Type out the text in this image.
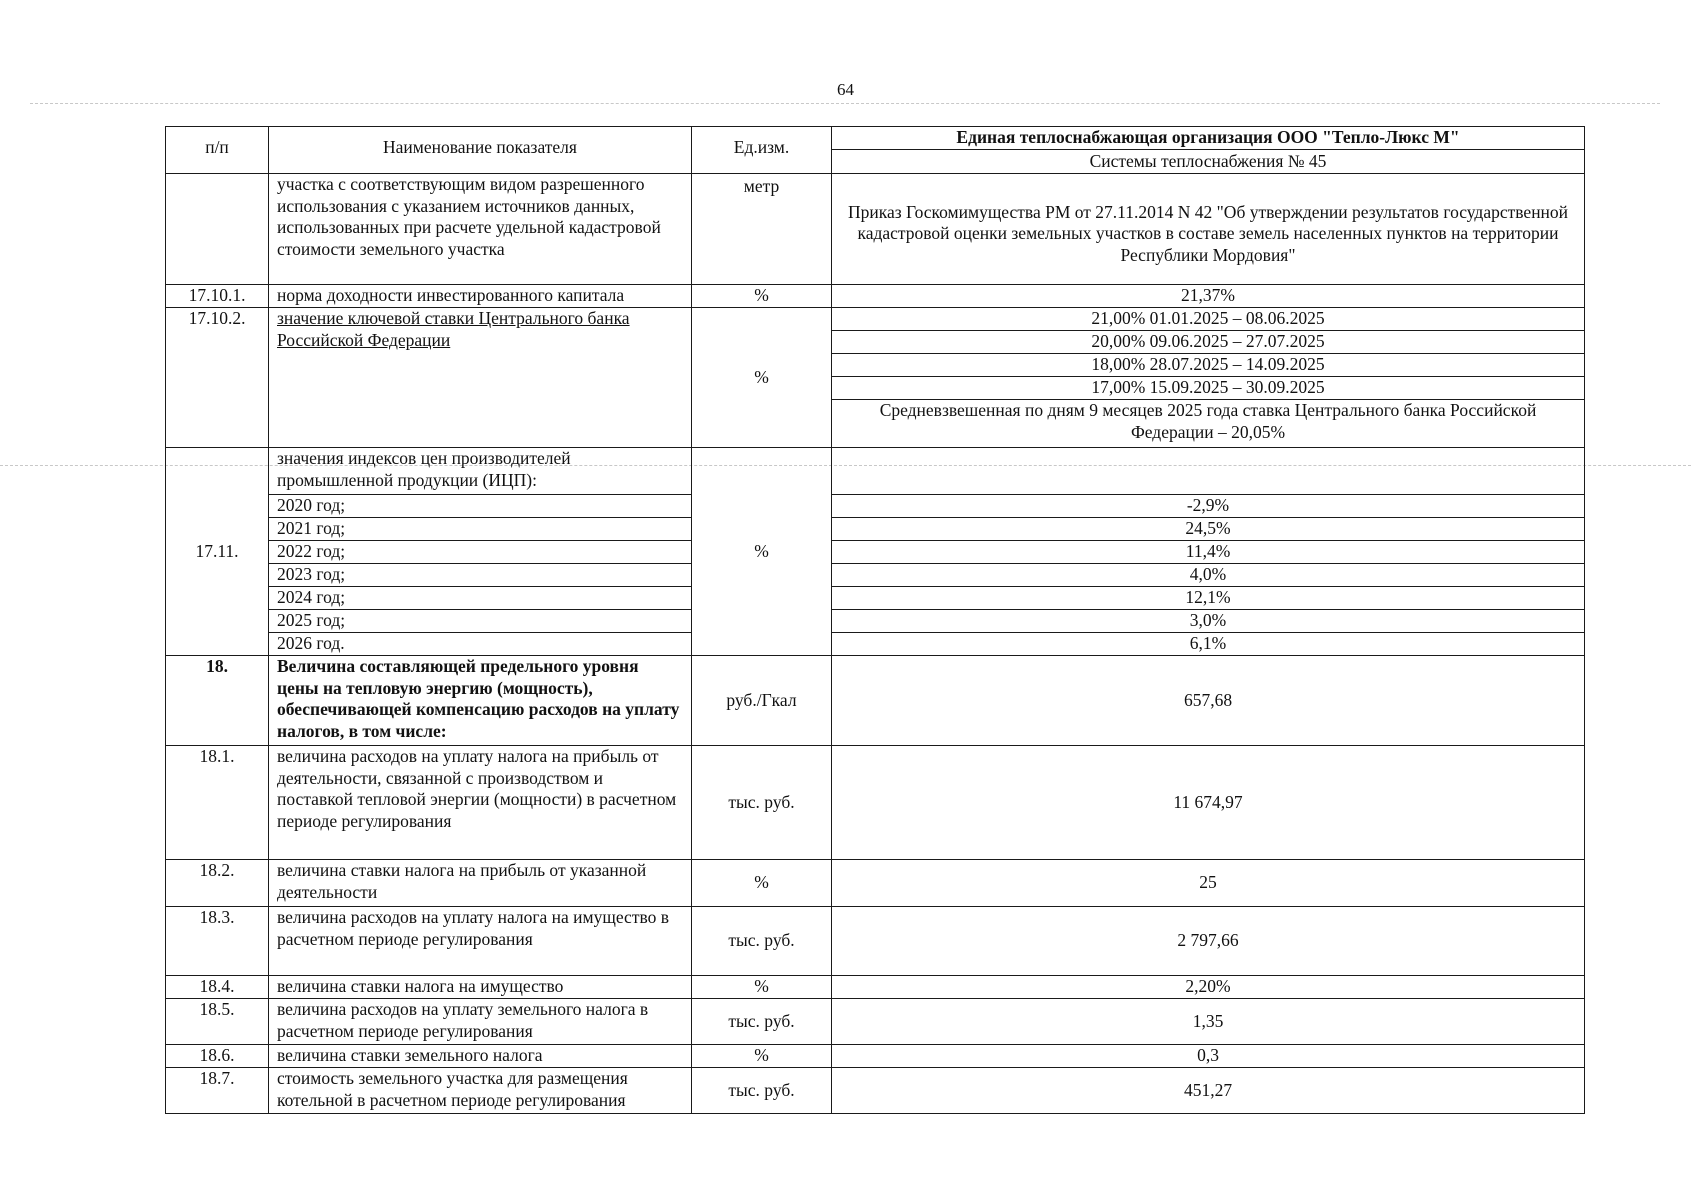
64
п/п	Наименование показателя	Ед.изм.	Единая теплоснабжающая организация ООО "Тепло-Люкс М"
			Системы теплоснабжения № 45
	участка с соответствующим видом разрешенного использования с указанием источников данных, использованных при расчете удельной кадастровой стоимости земельного участка	метр	Приказ Госкомимущества РМ от 27.11.2014 N 42 "Об утверждении результатов государственной кадастровой оценки земельных участков в составе земель населенных пунктов на территории Республики Мордовия"
17.10.1.	норма доходности инвестированного капитала	%	21,37%
17.10.2.	значение ключевой ставки Центрального банка Российской Федерации	%	21,00% 01.01.2025 – 08.06.2025
			20,00% 09.06.2025 – 27.07.2025
			18,00% 28.07.2025 – 14.09.2025
			17,00% 15.09.2025 – 30.09.2025
			Средневзвешенная по дням 9 месяцев 2025 года ставка Центрального банка Российской Федерации – 20,05%
17.11.	значения индексов цен производителей промышленной продукции (ИЦП):	%	
	2020 год;		-2,9%
	2021 год;		24,5%
	2022 год;		11,4%
	2023 год;		4,0%
	2024 год;		12,1%
	2025 год;		3,0%
	2026 год.		6,1%
18.	Величина составляющей предельного уровня цены на тепловую энергию (мощность), обеспечивающей компенсацию расходов на уплату налогов, в том числе:	руб./Гкал	657,68
18.1.	величина расходов на уплату налога на прибыль от деятельности, связанной с производством и поставкой тепловой энергии (мощности) в расчетном периоде регулирования	тыс. руб.	11 674,97
18.2.	величина ставки налога на прибыль от указанной деятельности	%	25
18.3.	величина расходов на уплату налога на имущество в расчетном периоде регулирования	тыс. руб.	2 797,66
18.4.	величина ставки налога на имущество	%	2,20%
18.5.	величина расходов на уплату земельного налога в расчетном периоде регулирования	тыс. руб.	1,35
18.6.	величина ставки земельного налога	%	0,3
18.7.	стоимость земельного участка для размещения котельной в расчетном периоде регулирования	тыс. руб.	451,27
